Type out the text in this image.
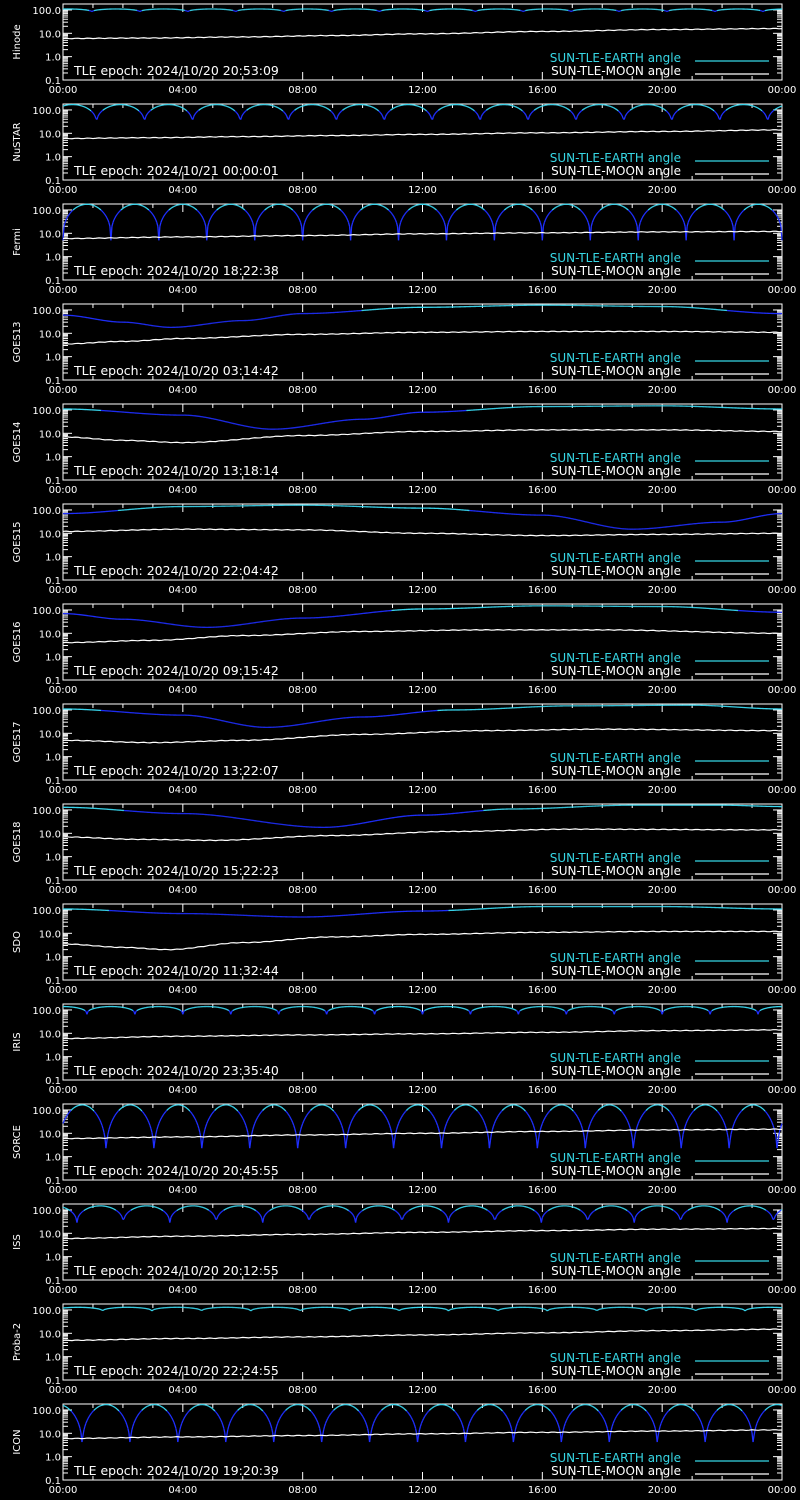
100.0
10.0
1.0
0.1
00:00	04:00	08:00	12:00	16:00	20:00	00:00
Hinode
TLE epoch: 2024/10/20 20:53:09
SUN-TLE-EARTH angle
SUN-TLE-MOON angle
100.0
10.0
1.0
0.1
00:00	04:00	08:00	12:00	16:00	20:00	00:00
NuSTAR
TLE epoch: 2024/10/21 00:00:01
SUN-TLE-EARTH angle
SUN-TLE-MOON angle
100.0
10.0
1.0
0.1
00:00	04:00	08:00	12:00	16:00	20:00	00:00
Fermi
TLE epoch: 2024/10/20 18:22:38
SUN-TLE-EARTH angle
SUN-TLE-MOON angle
100.0
10.0
1.0
0.1
00:00	04:00	08:00	12:00	16:00	20:00	00:00
GOES13
TLE epoch: 2024/10/20 03:14:42
SUN-TLE-EARTH angle
SUN-TLE-MOON angle
100.0
10.0
1.0
0.1
00:00	04:00	08:00	12:00	16:00	20:00	00:00
GOES14
TLE epoch: 2024/10/20 13:18:14
SUN-TLE-EARTH angle
SUN-TLE-MOON angle
100.0
10.0
1.0
0.1
00:00	04:00	08:00	12:00	16:00	20:00	00:00
GOES15
TLE epoch: 2024/10/20 22:04:42
SUN-TLE-EARTH angle
SUN-TLE-MOON angle
100.0
10.0
1.0
0.1
00:00	04:00	08:00	12:00	16:00	20:00	00:00
GOES16
TLE epoch: 2024/10/20 09:15:42
SUN-TLE-EARTH angle
SUN-TLE-MOON angle
100.0
10.0
1.0
0.1
00:00	04:00	08:00	12:00	16:00	20:00	00:00
GOES17
TLE epoch: 2024/10/20 13:22:07
SUN-TLE-EARTH angle
SUN-TLE-MOON angle
100.0
10.0
1.0
0.1
00:00	04:00	08:00	12:00	16:00	20:00	00:00
GOES18
TLE epoch: 2024/10/20 15:22:23
SUN-TLE-EARTH angle
SUN-TLE-MOON angle
100.0
10.0
1.0
0.1
00:00	04:00	08:00	12:00	16:00	20:00	00:00
SDO
TLE epoch: 2024/10/20 11:32:44
SUN-TLE-EARTH angle
SUN-TLE-MOON angle
100.0
10.0
1.0
0.1
00:00	04:00	08:00	12:00	16:00	20:00	00:00
IRIS
TLE epoch: 2024/10/20 23:35:40
SUN-TLE-EARTH angle
SUN-TLE-MOON angle
100.0
10.0
1.0
0.1
00:00	04:00	08:00	12:00	16:00	20:00	00:00
SORCE
TLE epoch: 2024/10/20 20:45:55
SUN-TLE-EARTH angle
SUN-TLE-MOON angle
100.0
10.0
1.0
0.1
00:00	04:00	08:00	12:00	16:00	20:00	00:00
ISS
TLE epoch: 2024/10/20 20:12:55
SUN-TLE-EARTH angle
SUN-TLE-MOON angle
100.0
10.0
1.0
0.1
00:00	04:00	08:00	12:00	16:00	20:00	00:00
Proba-2
TLE epoch: 2024/10/20 22:24:55
SUN-TLE-EARTH angle
SUN-TLE-MOON angle
100.0
10.0
1.0
0.1
00:00	04:00	08:00	12:00	16:00	20:00	00:00
ICON
TLE epoch: 2024/10/20 19:20:39
SUN-TLE-EARTH angle
SUN-TLE-MOON angle
